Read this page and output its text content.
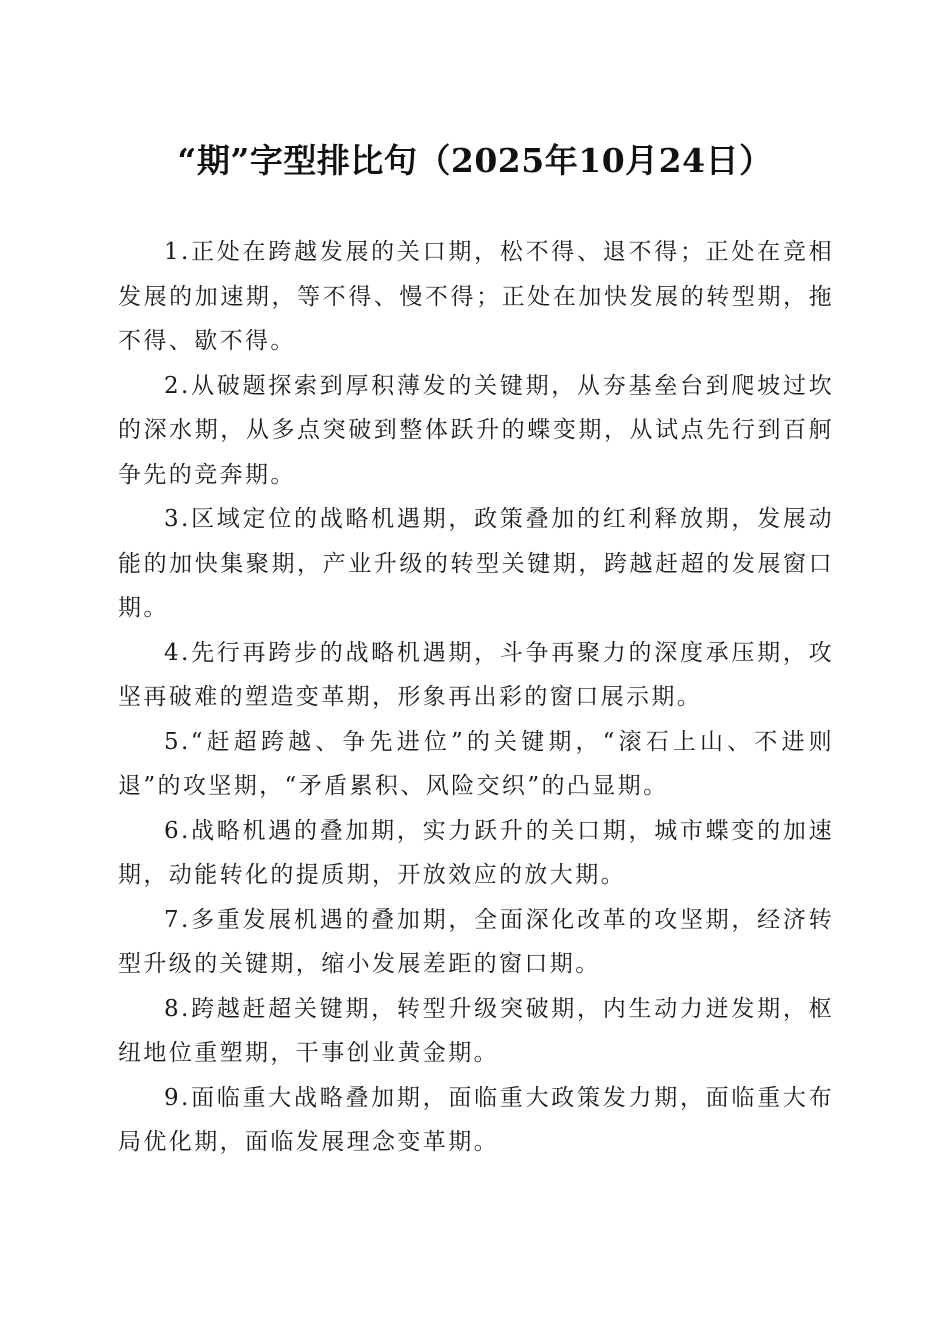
“期”字型排比句（2025年10月24日）

1.正处在跨越发展的关口期，松不得、退不得；正处在竞相发展的加速期，等不得、慢不得；正处在加快发展的转型期，拖不得、歇不得。

2.从破题探索到厚积薄发的关键期，从夯基垒台到爬坡过坎的深水期，从多点突破到整体跃升的蝶变期，从试点先行到百舸争先的竞奔期。

3.区域定位的战略机遇期，政策叠加的红利释放期，发展动能的加快集聚期，产业升级的转型关键期，跨越赶超的发展窗口期。

4.先行再跨步的战略机遇期，斗争再聚力的深度承压期，攻坚再破难的塑造变革期，形象再出彩的窗口展示期。

5.“赶超跨越、争先进位”的关键期，“滚石上山、不进则退”的攻坚期，“矛盾累积、风险交织”的凸显期。

6.战略机遇的叠加期，实力跃升的关口期，城市蝶变的加速期，动能转化的提质期，开放效应的放大期。

7.多重发展机遇的叠加期，全面深化改革的攻坚期，经济转型升级的关键期，缩小发展差距的窗口期。

8.跨越赶超关键期，转型升级突破期，内生动力迸发期，枢纽地位重塑期，干事创业黄金期。

9.面临重大战略叠加期，面临重大政策发力期，面临重大布局优化期，面临发展理念变革期。
